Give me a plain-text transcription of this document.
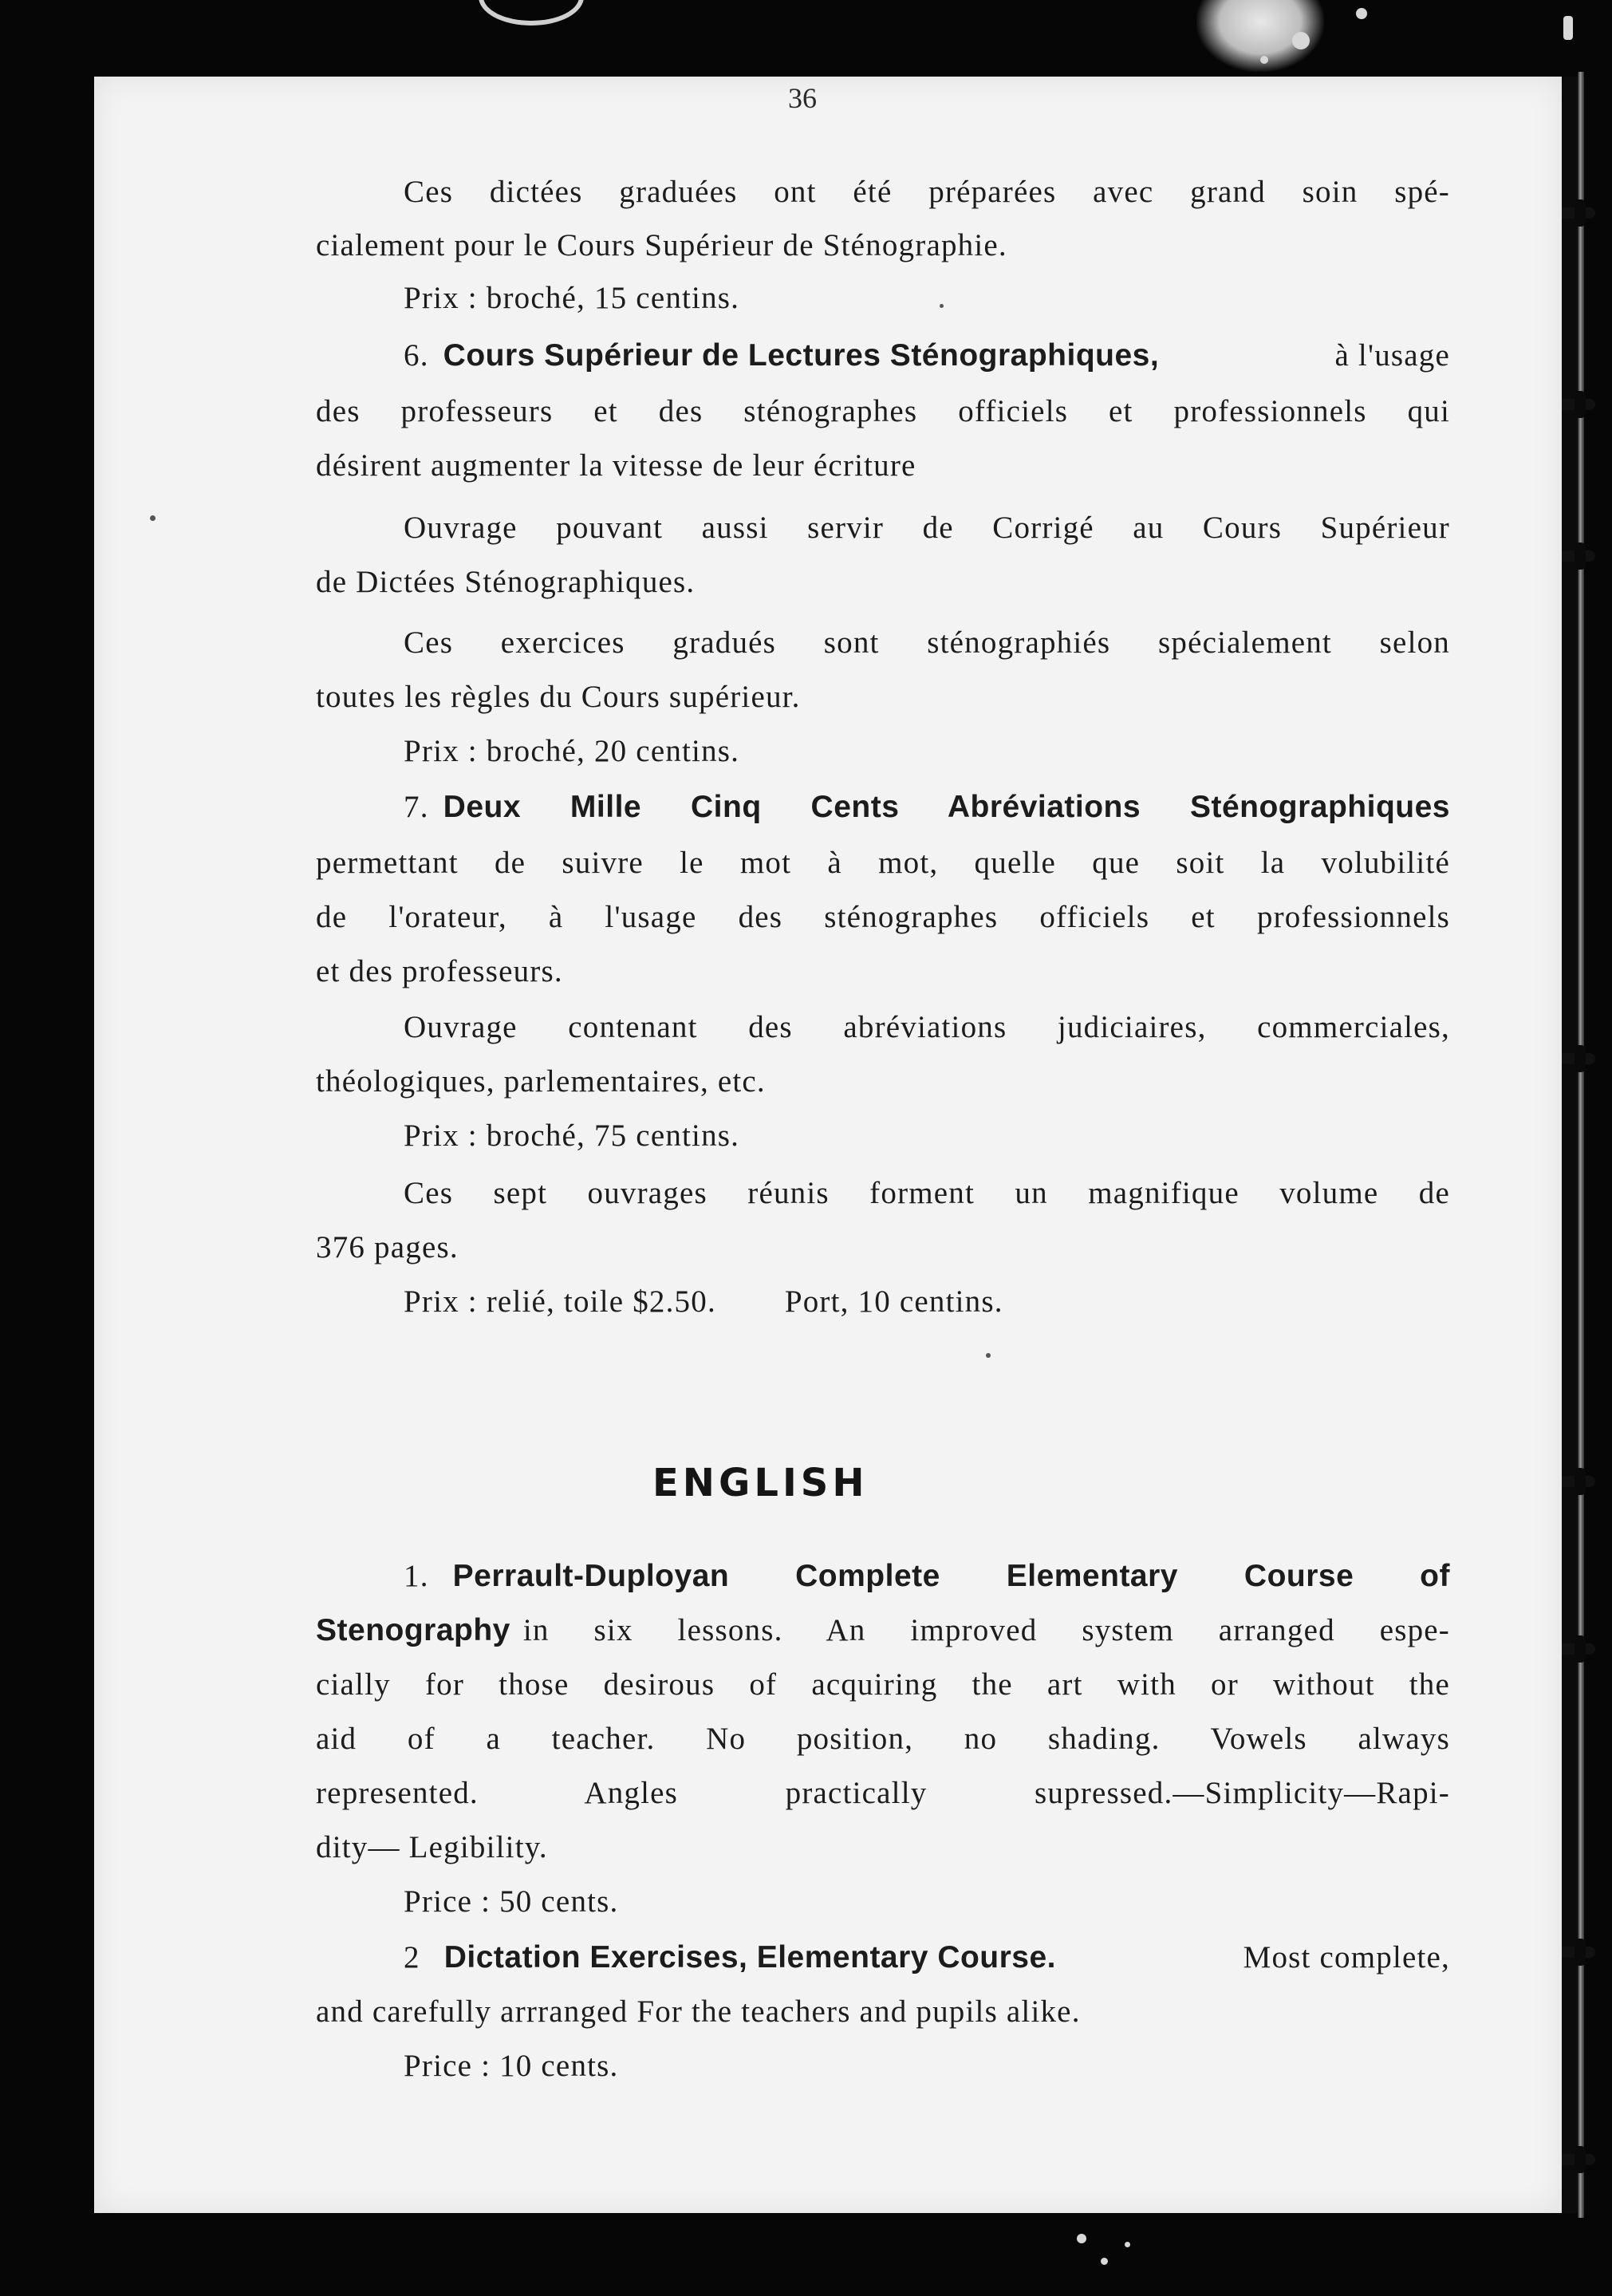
36
Ces dictées graduées ont été préparées avec grand soin spé-
cialement pour le Cours Supérieur de Sténographie.
Prix : broché, 15 centins.
6. Cours Supérieur de Lectures Sténographiques,	à l'usage
des professeurs et des sténographes officiels et professionnels qui
désirent augmenter la vitesse de leur écriture
Ouvrage pouvant aussi servir de Corrigé au Cours Supérieur
de Dictées Sténographiques.
Ces exercices gradués sont sténographiés spécialement selon
toutes les règles du Cours supérieur.
Prix : broché, 20 centins.
7. Deux Mille Cinq Cents Abréviations Sténographiques
permettant de suivre le mot à mot, quelle que soit la volubilité
de l'orateur, à l'usage des sténographes officiels et professionnels
et des professeurs.
Ouvrage contenant des abréviations judiciaires, commerciales,
théologiques, parlementaires, etc.
Prix : broché, 75 centins.
Ces sept ouvrages réunis forment un magnifique volume de
376 pages.
Prix : relié, toile $2.50. Port, 10 centins.
ENGLISH
1. Perrault-Duployan Complete Elementary Course of
Stenography in six lessons. An improved system arranged espe-
cially for those desirous of acquiring the art with or without the
aid of a teacher. No position, no shading. Vowels always
represented. Angles practically supressed.—Simplicity—Rapi-
dity— Legibility.
Price : 50 cents.
2 Dictation Exercises, Elementary Course.	Most complete,
and carefully arrranged For the teachers and pupils alike.
Price : 10 cents.
